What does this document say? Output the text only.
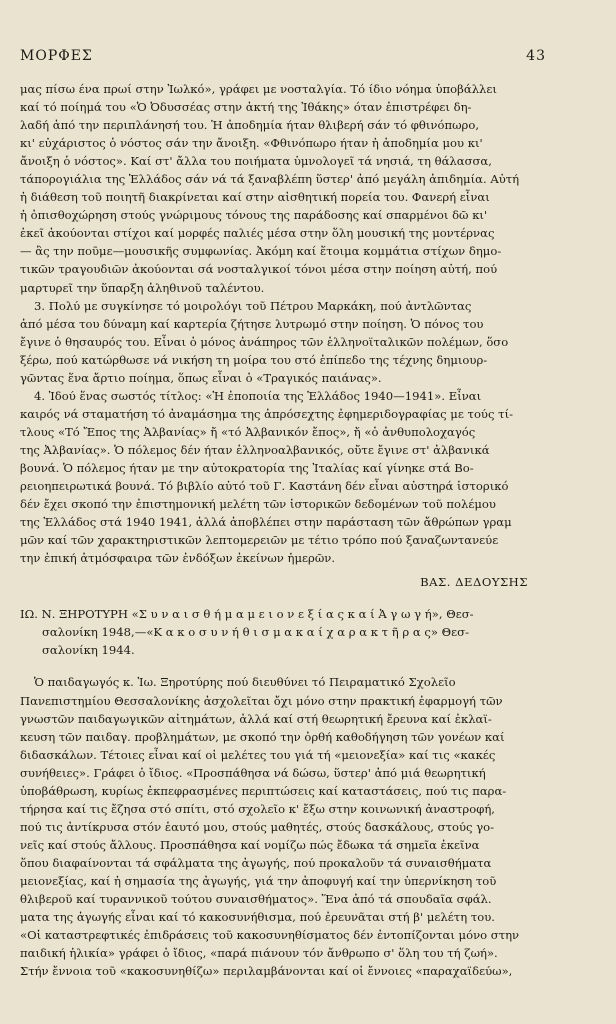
ΜΟΡΦΕΣ	43
μας πίσω ένα πρωί στην Ἰωλκό», γράφει με νοσταλγία. Τό ίδιο νόημα ὑποβάλλει
καί τό ποίημά του «Ὁ Ὀδυσσέας στην ἀκτή της Ἰθάκης» όταν ἐπιστρέφει δη-
λαδή ἀπό την περιπλάνησή του. Ἡ ἀποδημία ήταν θλιβερή σάν τό φθινόπωρο,
κι' εὐχάριστος ὁ νόστος σάν την ἄνοιξη. «Φθινόπωρο ήταν ἡ ἀποδημία μου κι'
ἄνοιξη ὁ νόστος». Καί στ' ἄλλα του ποιήματα ὑμνολογεῖ τά νησιά, τη θάλασσα,
τάπορογιάλια της Ἑλλάδος σάν νά τά ξαναβλέπη ὕστερ' ἀπό μεγάλη ἀπιδημία. Αὐτή
ἡ διάθεση τοῦ ποιητῆ διακρίνεται καί στην αἰσθητική πορεία του. Φανερή εἶναι
ἡ ὀπισθοχώρηση στούς γνώριμους τόνους της παράδοσης καί σπαρμένοι δῶ κι'
ἐκεῖ ἀκούονται στίχοι καί μορφές παλιές μέσα στην ὅλη μουσική της μοντέρνας
— ἂς την ποῦμε—μουσικῆς συμφωνίας. Ἀκόμη καί ἕτοιμα κομμάτια στίχων δημο-
τικῶν τραγουδιῶν ἀκούονται σά νοσταλγικοί τόνοι μέσα στην ποίηση αὐτή, πού
μαρτυρεῖ την ὕπαρξη ἀληθινοῦ ταλέντου.
3. Πολύ με συγκίνησε τό μοιρολόγι τοῦ Πέτρου Μαρκάκη, πού ἀντλῶντας
ἀπό μέσα του δύναμη καί καρτερία ζήτησε λυτρωμό στην ποίηση. Ὁ πόνος του
ἔγινε ὁ θησαυρός του. Εἶναι ὁ μόνος ἀνάπηρος τῶν ἑλληνοϊταλικῶν πολέμων, ὅσο
ξέρω, πού κατώρθωσε νά νικήση τη μοίρα του στό ἐπίπεδο της τέχνης δημιουρ-
γῶντας ἕνα ἄρτιο ποίημα, ὅπως εἶναι ὁ «Τραγικός παιάνας».
4. Ἰδού ἕνας σωστός τίτλος: «Ἡ ἐποποιία της Ἑλλάδος 1940—1941». Εἶναι
καιρός νά σταματήση τό ἀναμάσημα της ἀπρόσεχτης ἐφημεριδογραφίας με τούς τί-
τλους «Τό Ἔπος της Ἀλβανίας» ἤ «τό Ἀλβανικόν ἔπος», ἤ «ὁ ἀνθυπολοχαγός
της Ἀλβανίας». Ὁ πόλεμος δέν ήταν ἑλληνοαλβανικός, οὔτε ἔγινε στ' ἀλβανικά
βουνά. Ὁ πόλεμος ήταν με την αὐτοκρατορία της Ἰταλίας καί γίνηκε στά Βο-
ρειοηπειρωτικά βουνά. Τό βιβλίο αὐτό τοῦ Γ. Καστάνη δέν εἶναι αὐστηρά ἱστορικό
δέν ἔχει σκοπό την ἐπιστημονική μελέτη τῶν ἱστορικῶν δεδομένων τοῦ πολέμου
της Ἑλλάδος στά 1940 1941, ἀλλά ἀποβλέπει στην παράσταση τῶν ἄθρώπων γραμ
μῶν καί τῶν χαρακτηριστικῶν λεπτομερειῶν με τέτιο τρόπο πού ξαναζωντανεύε
την ἐπική ἀτμόσφαιρα τῶν ἐνδόξων ἐκείνων ἡμερῶν.
ΒΑΣ. ΔΕΔΟΥΣΗΣ
ΙΩ. Ν. ΞΗΡΟΤΥΡΗ «Σ υ ν α ι σ θ ή μ α μ ε ι ο ν ε ξ ί α ς κ α ί Ἀ γ ω γ ή», Θεσ-
σαλονίκη 1948,—«Κ α κ ο σ υ ν ή θ ι σ μ α κ α ί χ α ρ α κ τ ῆ ρ α ς» Θεσ-
σαλονίκη 1944.
Ὁ παιδαγωγός κ. Ἰω. Ξηροτύρης πού διευθύνει τό Πειραματικό Σχολεῖο
Πανεπιστημίου Θεσσαλονίκης ἀσχολεῖται ὄχι μόνο στην πρακτική ἐφαρμογή τῶν
γνωστῶν παιδαγωγικῶν αἰτημάτων, ἀλλά καί στή θεωρητική ἔρευνα καί ἐκλαϊ-
κευση τῶν παιδαγ. προβλημάτων, με σκοπό την ὀρθή καθοδήγηση τῶν γονέων καί
διδασκάλων. Τέτοιες εἶναι καί οἱ μελέτες του γιά τή «μειονεξία» καί τις «κακές
συνήθειες». Γράφει ὁ ἴδιος. «Προσπάθησα νά δώσω, ὕστερ' ἀπό μιά θεωρητική
ὑποβάθρωση, κυρίως ἐκπεφρασμένες περιπτώσεις καί καταστάσεις, πού τις παρα-
τήρησα καί τις ἔζησα στό σπίτι, στό σχολεῖο κ' ἔξω στην κοινωνική ἀναστροφή,
πού τις ἀντίκρυσα στόν ἑαυτό μου, στούς μαθητές, στούς δασκάλους, στούς γο-
νεῖς καί στούς ἄλλους. Προσπάθησα καί νομίζω πώς ἔδωκα τά σημεῖα ἐκεῖνα
ὅπου διαφαίνονται τά σφάλματα της ἀγωγής, πού προκαλοῦν τά συναισθήματα
μειονεξίας, καί ἡ σημασία της ἀγωγής, γιά την ἀποφυγή καί την ὑπερνίκηση τοῦ
θλιβεροῦ καί τυραννικοῦ τούτου συναισθήματος». Ἕνα ἀπό τά σπουδαῖα σφάλ.
ματα της ἀγωγής εἶναι καί τό κακοσυνήθισμα, πού ἐρευνᾶται στή β' μελέτη του.
«Οἱ καταστρεφτικές ἐπιδράσεις τοῦ κακοσυνηθίσματος δέν ἐντοπίζονται μόνο στην
παιδική ἡλικία» γράφει ὁ ἴδιος, «παρά πιάνουν τόν ἄνθρωπο σ' ὅλη του τή ζωή».
Στήν ἔννοια τοῦ «κακοσυνηθίζω» περιλαμβάνονται καί οἱ ἔννοιες «παραχαϊδεύω»,
